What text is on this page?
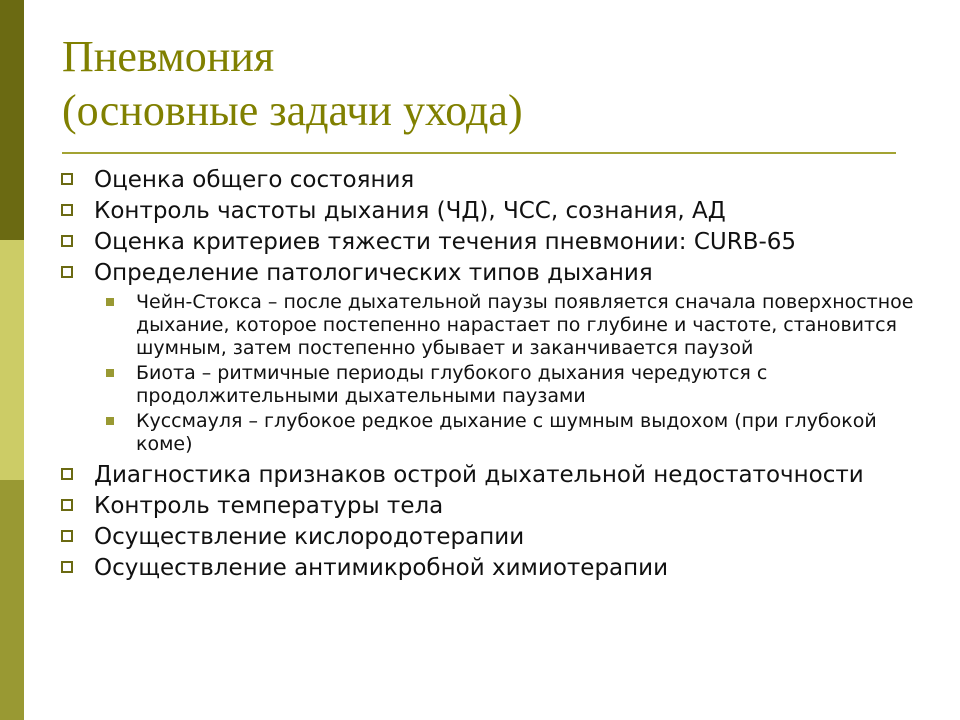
Пневмония
(основные задачи ухода)
Оценка общего состояния
Контроль частоты дыхания (ЧД), ЧСС, сознания, АД
Оценка критериев тяжести течения пневмонии: CURB-65
Определение патологических типов дыхания
Чейн-Стокса – после дыхательной паузы появляется сначала поверхностное дыхание, которое постепенно нарастает по глубине и частоте, становится шумным, затем постепенно убывает и заканчивается паузой
Биота – ритмичные периоды глубокого дыхания чередуются с продолжительными дыхательными паузами
Куссмауля – глубокое редкое дыхание с шумным выдохом (при глубокой коме)
Диагностика признаков острой дыхательной недостаточности
Контроль температуры тела
Осуществление кислородотерапии
Осуществление антимикробной химиотерапии
